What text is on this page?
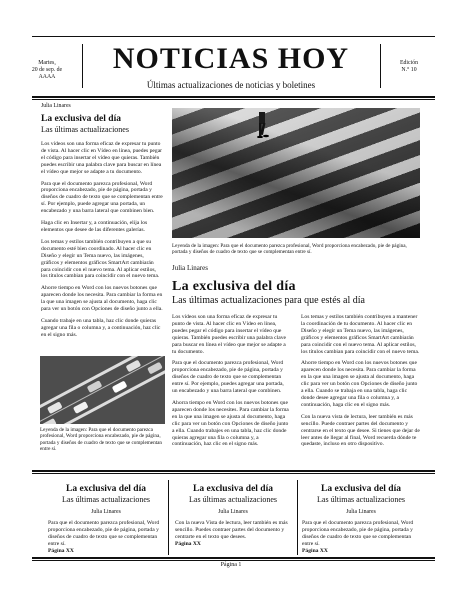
Martes,
20 de sep. de
AAAA
NOTICIAS HOY
Últimas actualizaciones de noticias y boletines
Edición
N.° 10
Julia Linares
La exclusiva del día
Las últimas actualizaciones
Los vídeos son una forma eficaz de expresar tu punto de vista. Al hacer clic en Vídeo en línea, puedes pegar el código para insertar el vídeo que quieras. También puedes escribir una palabra clave para buscar en línea el vídeo que mejor se adapte a tu documento.
Para que el documento parezca profesional, Word proporciona encabezado, pie de página, portada y diseños de cuadro de texto que se complementan entre sí. Por ejemplo, puede agregar una portada, un encabezado y una barra lateral que combinen bien.
Haga clic en Insertar y, a continuación, elija los elementos que desee de las diferentes galerías.
Los temas y estilos también contribuyen a que su documento esté bien coordinado. Al hacer clic en Diseño y elegir un Tema nuevo, las imágenes, gráficos y elementos gráficos SmartArt cambiarán para coincidir con el nuevo tema. Al aplicar estilos, los títulos cambian para coincidir con el nuevo tema.
Ahorre tiempo en Word con los nuevos botones que aparecen donde los necesita. Para cambiar la forma en la que una imagen se ajusta al documento, haga clic para ver un botón con Opciones de diseño junto a ella.
Cuando trabaje en una tabla, haz clic donde quieras agregar una fila o columna y, a continuación, haz clic en el signo más.
Leyenda de la imagen: Para que el documento parezca profesional, Word proporciona encabezado, pie de página, portada y diseños de cuadro de texto que se complementan entre sí.
Leyenda de la imagen: Para que el documento parezca profesional, Word proporciona encabezado, pie de página, portada y diseños de cuadro de texto que se complementan entre sí.
Julia Linares
La exclusiva del día
Las últimas actualizaciones para que estés al día
Los vídeos son una forma eficaz de expresar tu punto de vista. Al hacer clic en Vídeo en línea, puedes pegar el código para insertar el vídeo que quieras. También puedes escribir una palabra clave para buscar en línea el vídeo que mejor se adapte a tu documento.
Para que el documento parezca profesional, Word proporciona encabezado, pie de página, portada y diseños de cuadro de texto que se complementan entre sí. Por ejemplo, puedes agregar una portada, un encabezado y una barra lateral que combinen.
Ahorra tiempo en Word con los nuevos botones que aparecen donde los necesites. Para cambiar la forma en la que una imagen se ajusta al documento, haga clic para ver un botón con Opciones de diseño junto a ella. Cuando trabajes en una tabla, haz clic donde quieras agregar una fila o columna y, a continuación, haz clic en el signo más.
Los temas y estilos también contribuyen a mantener la coordinación de tu documento. Al hacer clic en Diseño y elegir un Tema nuevo, las imágenes, gráficos y elementos gráficos SmartArt cambiarán para coincidir con el nuevo tema. Al aplicar estilos, los títulos cambian para coincidir con el nuevo tema.
Ahorre tiempo en Word con los nuevos botones que aparecen donde los necesita. Para cambiar la forma en la que una imagen se ajusta al documento, haga clic para ver un botón con Opciones de diseño junto a ella. Cuando se trabaja en una tabla, haga clic donde desee agregar una fila o columna y, a continuación, haga clic en el signo más.
Con la nueva vista de lectura, leer también es más sencillo. Puede contraer partes del documento y centrarse en el texto que desee. Si tienes que dejar de leer antes de llegar al final, Word recuerda dónde te quedaste, incluso en otro dispositivo.
La exclusiva del día
Las últimas actualizaciones
Julia Linares
Para que el documento parezca profesional, Word proporciona encabezado, pie de página, portada y diseños de cuadro de texto que se complementan entre sí.
Página XX
La exclusiva del día
Las últimas actualizaciones
Julia Linares
Con la nueva Vista de lectura, leer también es más sencillo. Puedes contraer partes del documento y centrarte en el texto que desees.
Página XX
La exclusiva del día
Las últimas actualizaciones
Julia Linares
Para que el documento parezca profesional, Word proporciona encabezado, pie de página, portada y diseños de cuadro de texto que se complementan entre sí.
Página XX
Página 1
